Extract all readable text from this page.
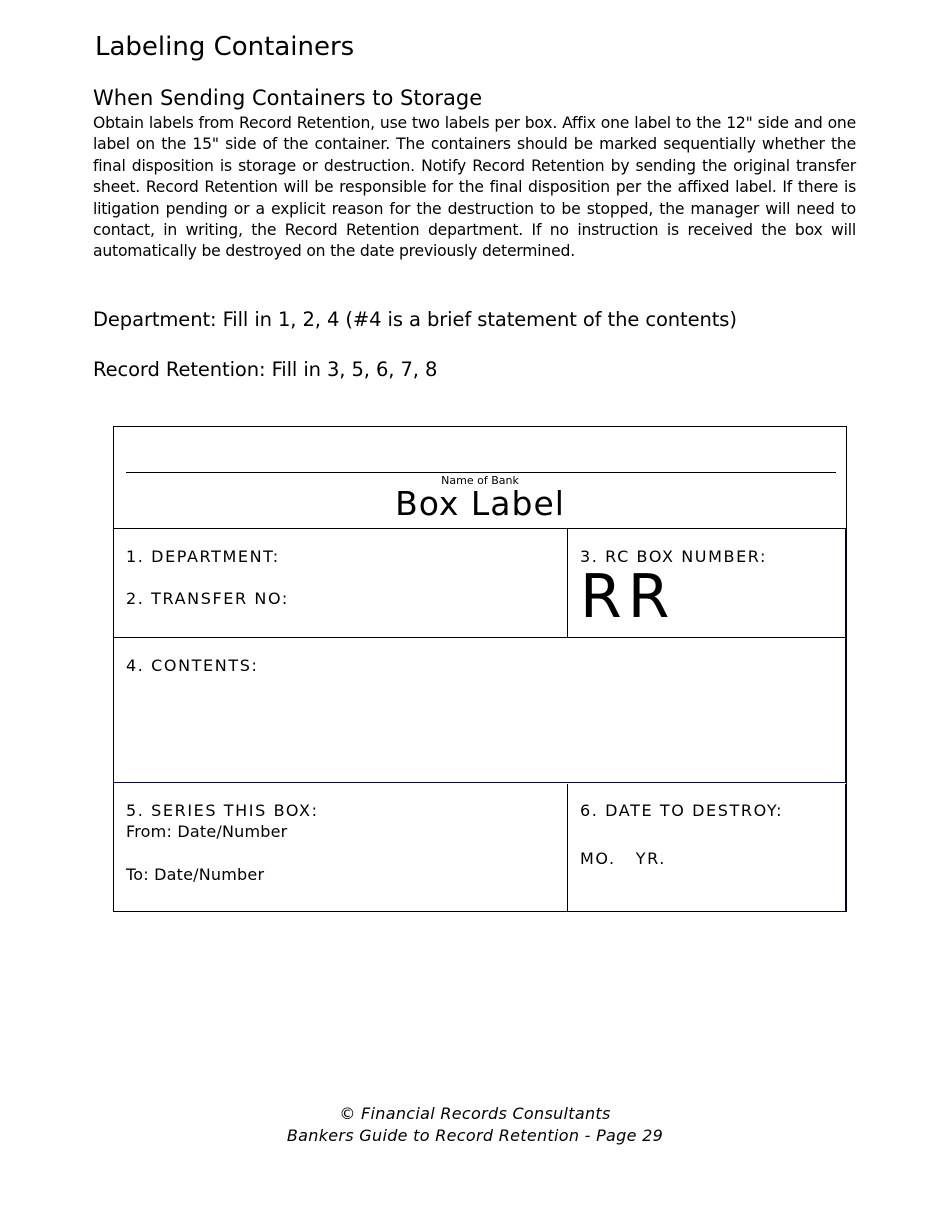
Labeling Containers
When Sending Containers to Storage

Obtain labels from Record Retention, use two labels per box. Affix one label to the 12" side and one label on the 15" side of the container. The containers should be marked sequentially whether the final disposition is storage or destruction. Notify Record Retention by sending the original transfer sheet. Record Retention will be responsible for the final disposition per the affixed label. If there is litigation pending or a explicit reason for the destruction to be stopped, the manager will need to contact, in writing, the Record Retention department. If no instruction is received the box will automatically be destroyed on the date previously determined.

Department: Fill in 1, 2, 4 (#4 is a brief statement of the contents)

Record Retention: Fill in 3, 5, 6, 7, 8

Name of Bank
Box Label
1. DEPARTMENT:
2. TRANSFER NO:
3. RC BOX NUMBER:
RR
4. CONTENTS:
5. SERIES THIS BOX:
From: Date/Number
To: Date/Number
6. DATE TO DESTROY:
MO.   YR.
© Financial Records Consultants
Bankers Guide to Record Retention - Page 29
